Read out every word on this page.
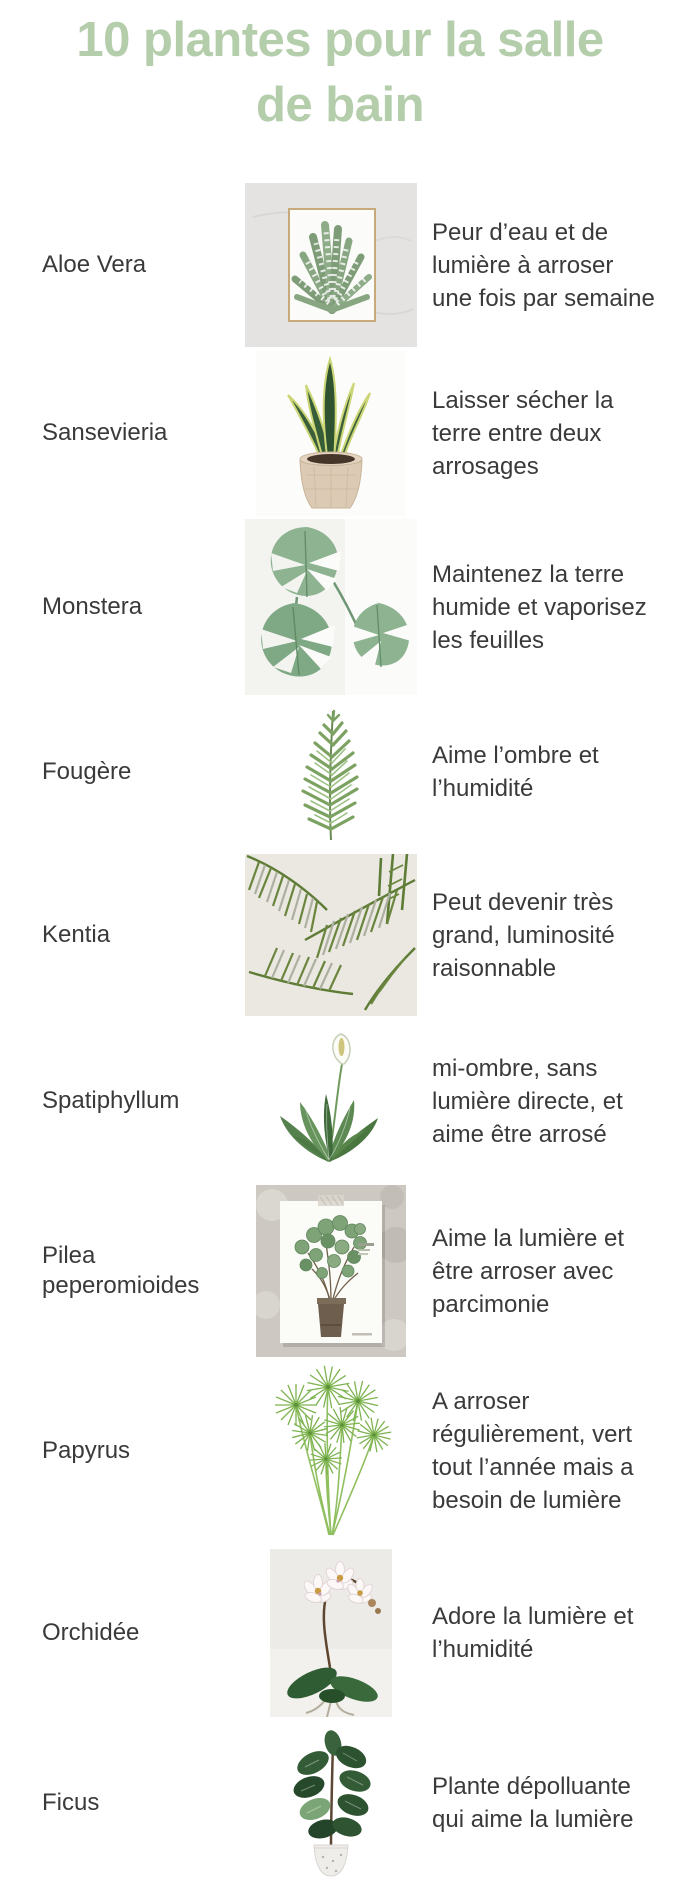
10 plantes pour la salle
de bain
Aloe Vera
Peur d’eau et de lumière à arroser une fois par semaine
Sansevieria
Laisser sécher la terre entre deux arrosages
Monstera
Maintenez la terre humide et vaporisez les feuilles
Fougère
Aime l’ombre et l’humidité
Kentia
Peut devenir très grand, luminosité raisonnable
Spatiphyllum
mi-ombre, sans lumière directe, et aime être arrosé
Pilea peperomioides
Aime la lumière et être arroser avec parcimonie
Papyrus
A arroser régulièrement, vert tout l’année mais a besoin de lumière
Orchidée
Adore la lumière et l’humidité
Ficus
Plante dépolluante qui aime la lumière
